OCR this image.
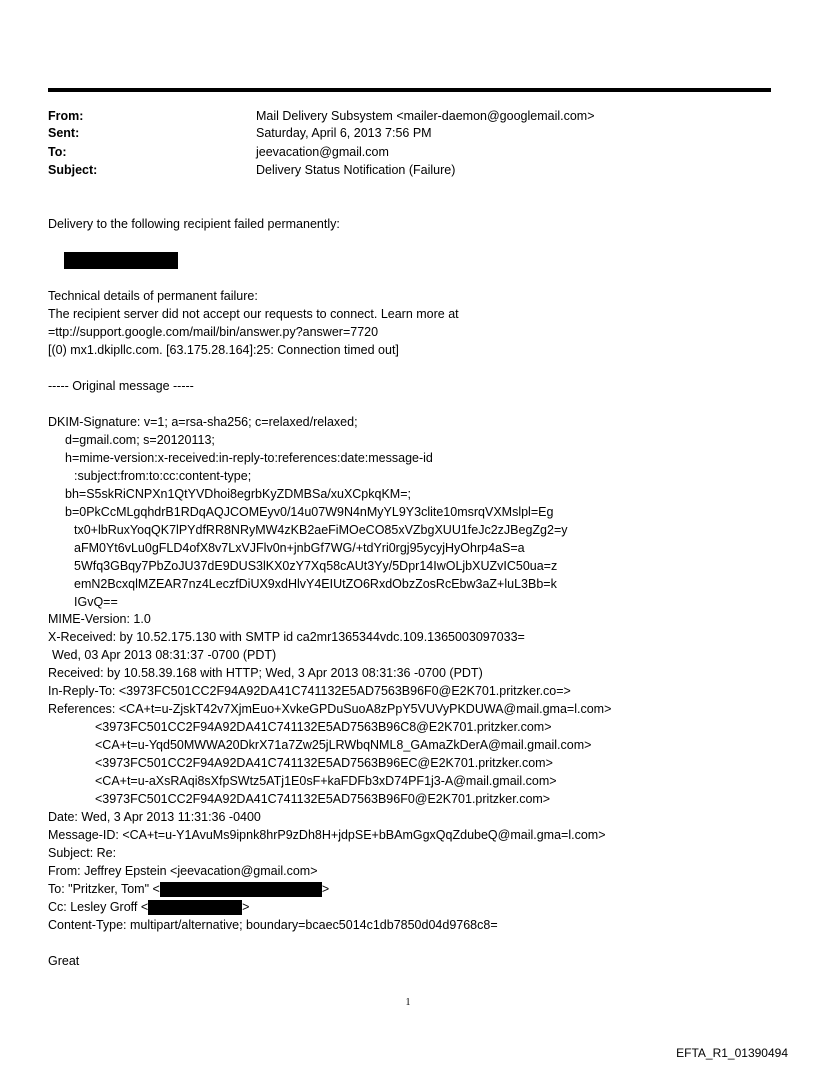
From:	Mail Delivery Subsystem <mailer-daemon@googlemail.com>
Sent:	Saturday, April 6, 2013 7:56 PM
To:	jeevacation@gmail.com
Subject:	Delivery Status Notification (Failure)
Delivery to the following recipient failed permanently:
Technical details of permanent failure:
The recipient server did not accept our requests to connect. Learn more at
=ttp://support.google.com/mail/bin/answer.py?answer=7720
[(0) mx1.dkipllc.com. [63.175.28.164]:25: Connection timed out]
----- Original message -----
DKIM-Signature: v=1; a=rsa-sha256; c=relaxed/relaxed;
d=gmail.com; s=20120113;
h=mime-version:x-received:in-reply-to:references:date:message-id
:subject:from:to:cc:content-type;
bh=S5skRiCNPXn1QtYVDhoi8egrbKyZDMBSa/xuXCpkqKM=;
b=0PkCcMLgqhdrB1RDqAQJCOMEyv0/14u07W9N4nMyYL9Y3clite10msrqVXMslpl=Eg
tx0+lbRuxYoqQK7lPYdfRR8NRyMW4zKB2aeFiMOeCO85xVZbgXUU1feJc2zJBegZg2=y
aFM0Yt6vLu0gFLD4ofX8v7LxVJFlv0n+jnbGf7WG/+tdYri0rgj95ycyjHyOhrp4aS=a
5Wfq3GBqy7PbZoJU37dE9DUS3lKX0zY7Xq58cAUt3Yy/5Dpr14IwOLjbXUZvIC50ua=z
emN2BcxqlMZEAR7nz4LeczfDiUX9xdHlvY4EIUtZO6RxdObzZosRcEbw3aZ+luL3Bb=k
IGvQ==
MIME-Version: 1.0
X-Received: by 10.52.175.130 with SMTP id ca2mr1365344vdc.109.1365003097033=
Wed, 03 Apr 2013 08:31:37 -0700 (PDT)
Received: by 10.58.39.168 with HTTP; Wed, 3 Apr 2013 08:31:36 -0700 (PDT)
In-Reply-To: <3973FC501CC2F94A92DA41C741132E5AD7563B96F0@E2K701.pritzker.co=>
References: <CA+t=u-ZjskT42v7XjmEuo+XvkeGPDuSuoA8zPpY5VUVyPKDUWA@mail.gma=l.com>
<3973FC501CC2F94A92DA41C741132E5AD7563B96C8@E2K701.pritzker.com>
<CA+t=u-Yqd50MWWA20DkrX71a7Zw25jLRWbqNML8_GAmaZkDerA@mail.gmail.com>
<3973FC501CC2F94A92DA41C741132E5AD7563B96EC@E2K701.pritzker.com>
<CA+t=u-aXsRAqi8sXfpSWtz5ATj1E0sF+kaFDFb3xD74PF1j3-A@mail.gmail.com>
<3973FC501CC2F94A92DA41C741132E5AD7563B96F0@E2K701.pritzker.com>
Date: Wed, 3 Apr 2013 11:31:36 -0400
Message-ID: <CA+t=u-Y1AvuMs9ipnk8hrP9zDh8H+jdpSE+bBAmGgxQqZdubeQ@mail.gma=l.com>
Subject: Re:
From: Jeffrey Epstein <jeevacation@gmail.com>
To: "Pritzker, Tom" <	>
Cc: Lesley Groff <	>
Content-Type: multipart/alternative; boundary=bcaec5014c1db7850d04d9768c8=
Great
1
EFTA_R1_01390494
